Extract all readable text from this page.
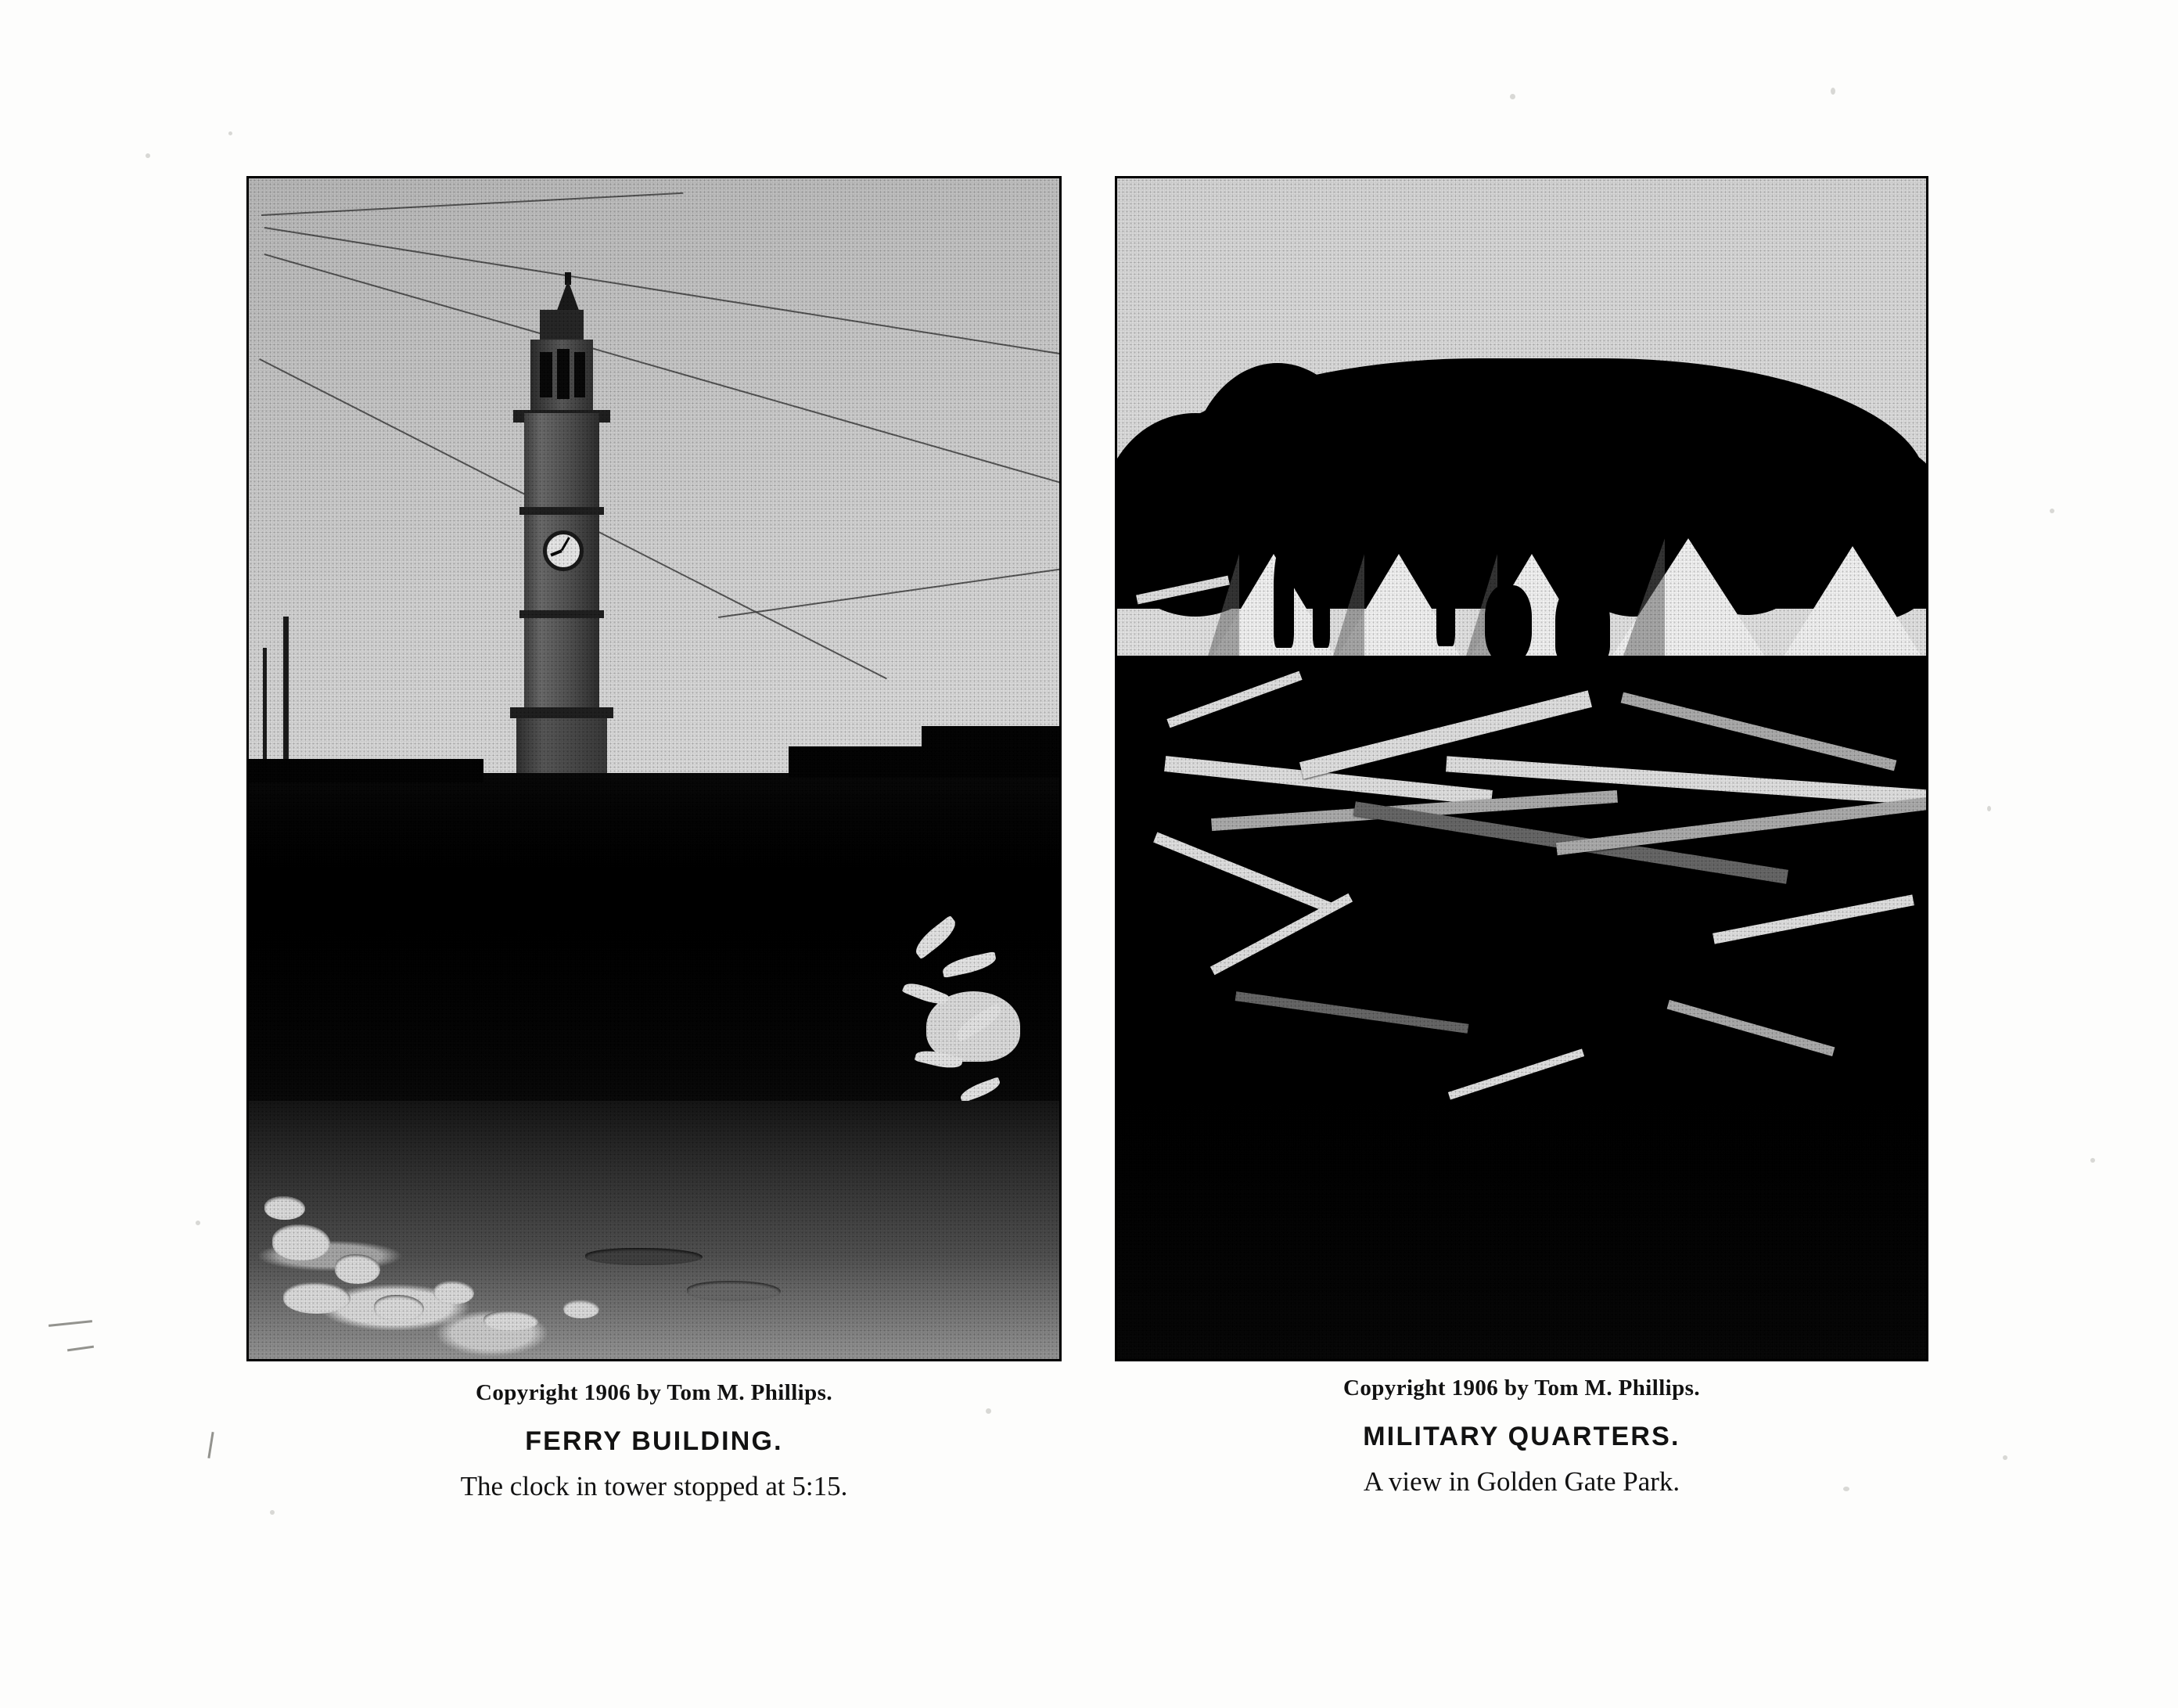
Copyright 1906 by Tom M. Phillips.
FERRY BUILDING.
The clock in tower stopped at 5:15.
Copyright 1906 by Tom M. Phillips.
MILITARY QUARTERS.
A view in Golden Gate Park.
